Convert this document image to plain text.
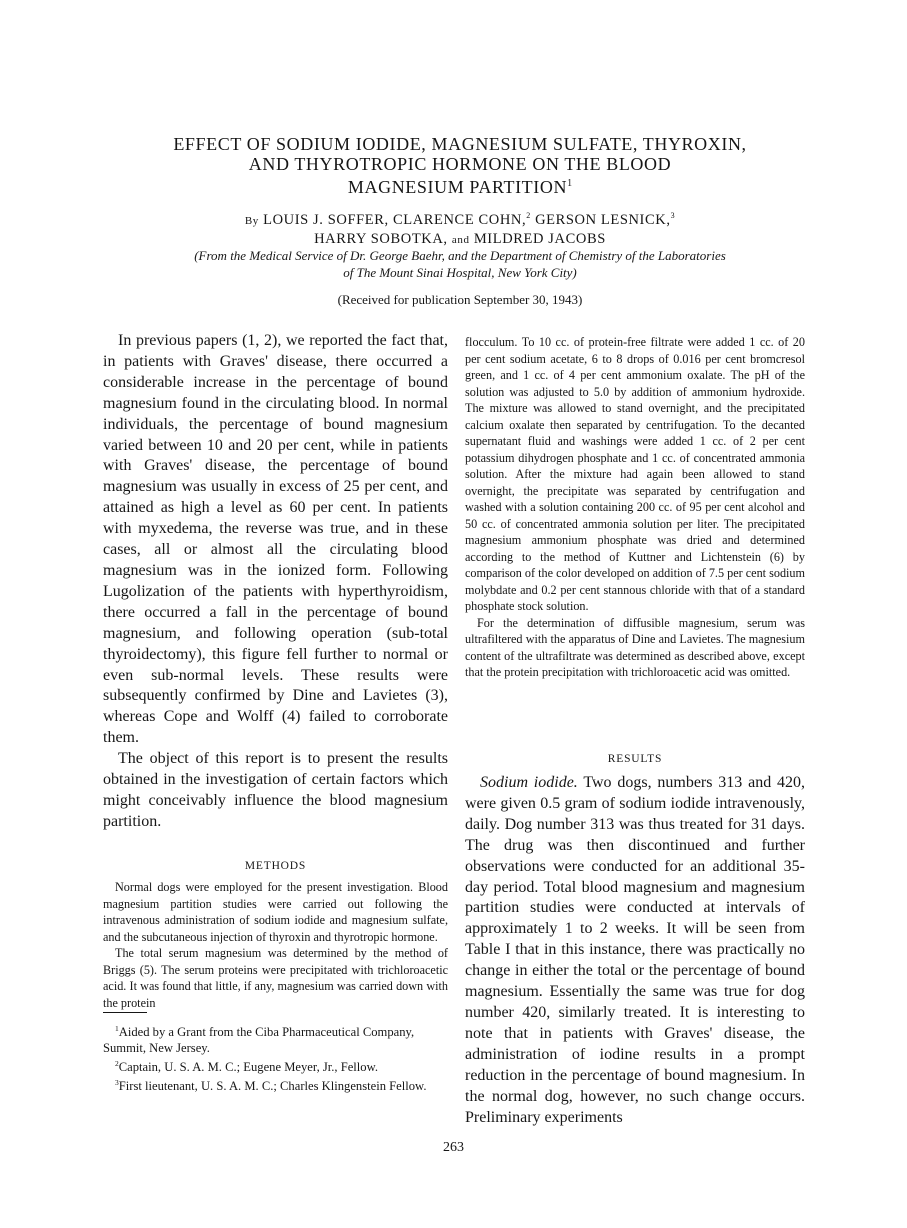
EFFECT OF SODIUM IODIDE, MAGNESIUM SULFATE, THYROXIN,
AND THYROTROPIC HORMONE ON THE BLOOD
MAGNESIUM PARTITION$^1$
By LOUIS J. SOFFER, CLARENCE COHN,$^2$ GERSON LESNICK,$^3$
HARRY SOBOTKA, and MILDRED JACOBS
(From the Medical Service of Dr. George Baehr, and the Department of Chemistry of the Laboratories
of The Mount Sinai Hospital, New York City)
(Received for publication September 30, 1943)

In previous papers (1, 2), we reported the fact that, in patients with Graves' disease, there occurred a considerable increase in the percentage of bound magnesium found in the circulating blood. In normal individuals, the percentage of bound magnesium varied between 10 and 20 per cent, while in patients with Graves' disease, the percentage of bound magnesium was usually in excess of 25 per cent, and attained as high a level as 60 per cent. In patients with myxedema, the reverse was true, and in these cases, all or almost all the circulating blood magnesium was in the ionized form. Following Lugolization of the patients with hyperthyroidism, there occurred a fall in the percentage of bound magnesium, and following operation (sub-total thyroidectomy), this figure fell further to normal or even sub-normal levels. These results were subsequently confirmed by Dine and Lavietes (3), whereas Cope and Wolff (4) failed to corroborate them.

The object of this report is to present the results obtained in the investigation of certain factors which might conceivably influence the blood magnesium partition.

METHODS

Normal dogs were employed for the present investigation. Blood magnesium partition studies were carried out following the intravenous administration of sodium iodide and magnesium sulfate, and the subcutaneous injection of thyroxin and thyrotropic hormone.

The total serum magnesium was determined by the method of Briggs (5). The serum proteins were precipitated with trichloroacetic acid. It was found that little, if any, magnesium was carried down with the protein

$^1$Aided by a Grant from the Ciba Pharmaceutical Company, Summit, New Jersey.

$^2$Captain, U. S. A. M. C.; Eugene Meyer, Jr., Fellow.

$^3$First lieutenant, U. S. A. M. C.; Charles Klingenstein Fellow.

flocculum. To 10 cc. of protein-free filtrate were added 1 cc. of 20 per cent sodium acetate, 6 to 8 drops of 0.016 per cent bromcresol green, and 1 cc. of 4 per cent ammonium oxalate. The pH of the solution was adjusted to 5.0 by addition of ammonium hydroxide. The mixture was allowed to stand overnight, and the precipitated calcium oxalate then separated by centrifugation. To the decanted supernatant fluid and washings were added 1 cc. of 2 per cent potassium dihydrogen phosphate and 1 cc. of concentrated ammonia solution. After the mixture had again been allowed to stand overnight, the precipitate was separated by centrifugation and washed with a solution containing 200 cc. of 95 per cent alcohol and 50 cc. of concentrated ammonia solution per liter. The precipitated magnesium ammonium phosphate was dried and determined according to the method of Kuttner and Lichtenstein (6) by comparison of the color developed on addition of 7.5 per cent sodium molybdate and 0.2 per cent stannous chloride with that of a standard phosphate stock solution.

For the determination of diffusible magnesium, serum was ultrafiltered with the apparatus of Dine and Lavietes. The magnesium content of the ultrafiltrate was determined as described above, except that the protein precipitation with trichloroacetic acid was omitted.

RESULTS

Sodium iodide. Two dogs, numbers 313 and 420, were given 0.5 gram of sodium iodide intravenously, daily. Dog number 313 was thus treated for 31 days. The drug was then discontinued and further observations were conducted for an additional 35-day period. Total blood magnesium and magnesium partition studies were conducted at intervals of approximately 1 to 2 weeks. It will be seen from Table I that in this instance, there was practically no change in either the total or the percentage of bound magnesium. Essentially the same was true for dog number 420, similarly treated. It is interesting to note that in patients with Graves' disease, the administration of iodine results in a prompt reduction in the percentage of bound magnesium. In the normal dog, however, no such change occurs. Preliminary experiments

263
